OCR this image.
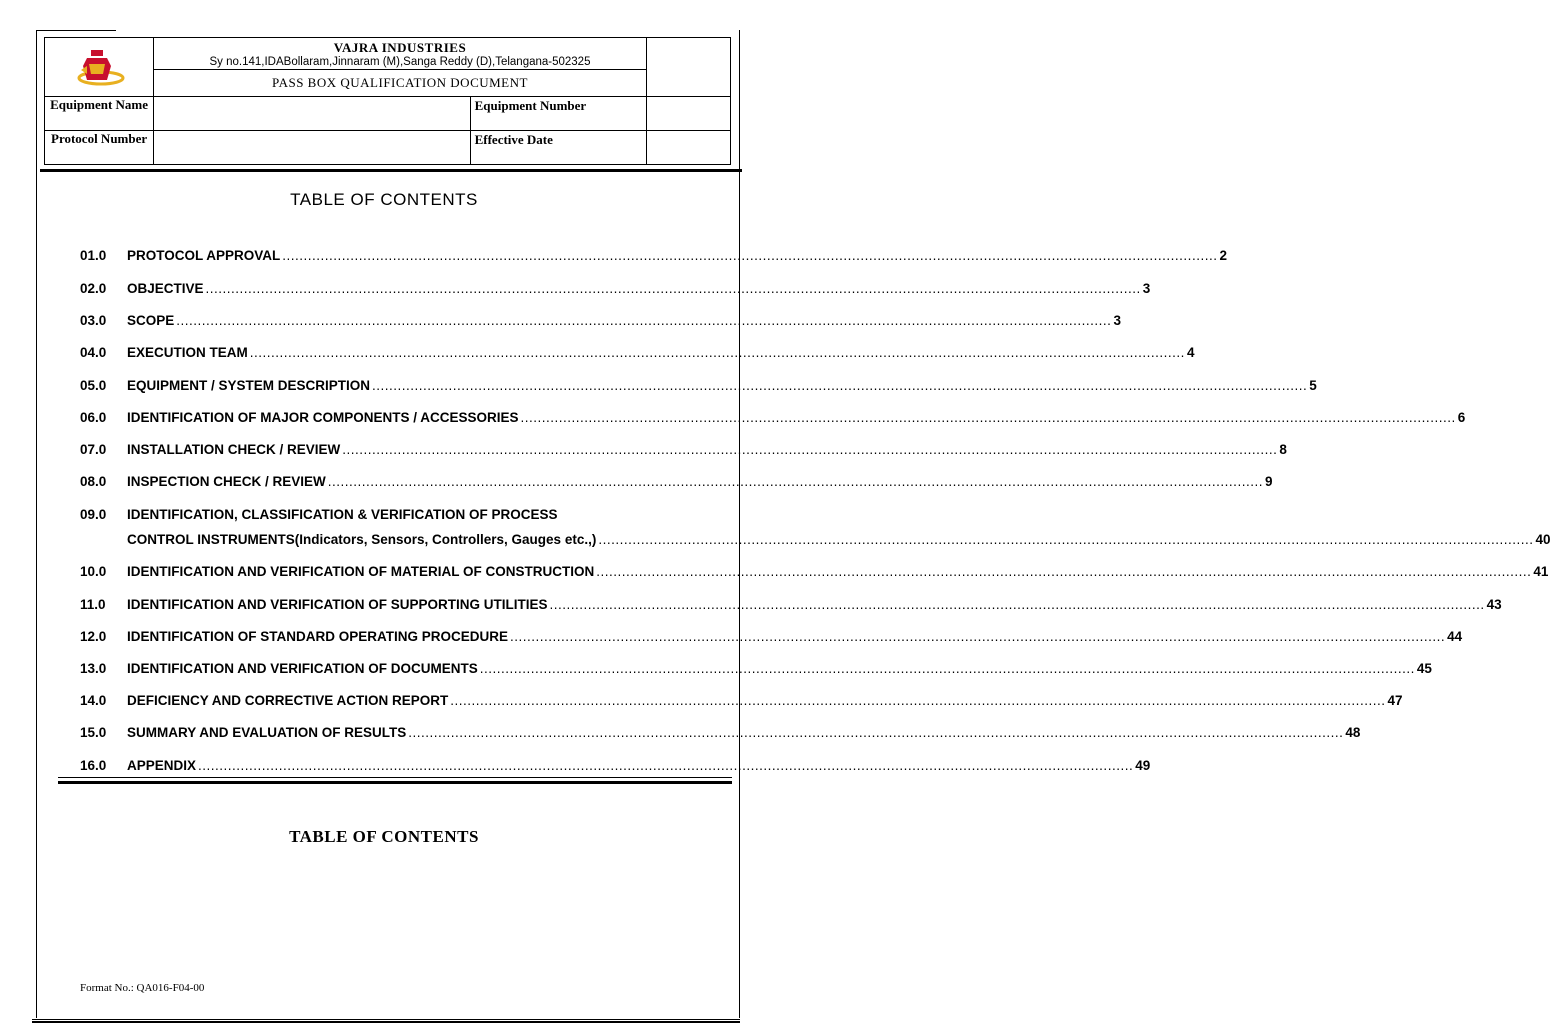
VAJRA INDUSTRIES
Sy no.141,IDABollaram,Jinnaram (M),Sanga Reddy (D),Telangana-502325		

	PASS BOX QUALIFICATION DOCUMENT		
Equipment Name		Equipment Number	
Protocol Number		Effective Date	
TABLE OF CONTENTS
01.0	PROTOCOL APPROVAL ............................................................................................................................................................................................................................ 2
02.0	OBJECTIVE ............................................................................................................................................................................................................................ 3
03.0	SCOPE ............................................................................................................................................................................................................................ 3
04.0	EXECUTION TEAM ............................................................................................................................................................................................................................ 4
05.0	EQUIPMENT / SYSTEM DESCRIPTION ............................................................................................................................................................................................................................ 5
06.0	IDENTIFICATION OF MAJOR COMPONENTS / ACCESSORIES ............................................................................................................................................................................................................................ 6
07.0	INSTALLATION CHECK / REVIEW ............................................................................................................................................................................................................................ 8
08.0	INSPECTION CHECK / REVIEW ............................................................................................................................................................................................................................ 9
09.0	IDENTIFICATION, CLASSIFICATION & VERIFICATION OF PROCESS
CONTROL INSTRUMENTS (Indicators, Sensors, Controllers, Gauges etc.,) ............................................................................................................................................................................................................................ 40
10.0	IDENTIFICATION AND VERIFICATION OF MATERIAL OF CONSTRUCTION ............................................................................................................................................................................................................................ 41
11.0	IDENTIFICATION AND VERIFICATION OF SUPPORTING UTILITIES ............................................................................................................................................................................................................................ 43
12.0	IDENTIFICATION OF STANDARD OPERATING PROCEDURE ............................................................................................................................................................................................................................ 44
13.0	IDENTIFICATION AND VERIFICATION OF DOCUMENTS ............................................................................................................................................................................................................................ 45
14.0	DEFICIENCY AND CORRECTIVE ACTION REPORT ............................................................................................................................................................................................................................ 47
15.0	SUMMARY AND EVALUATION OF RESULTS ............................................................................................................................................................................................................................ 48
16.0	APPENDIX ............................................................................................................................................................................................................................ 49
TABLE OF CONTENTS
Format No.: QA016-F04-00
